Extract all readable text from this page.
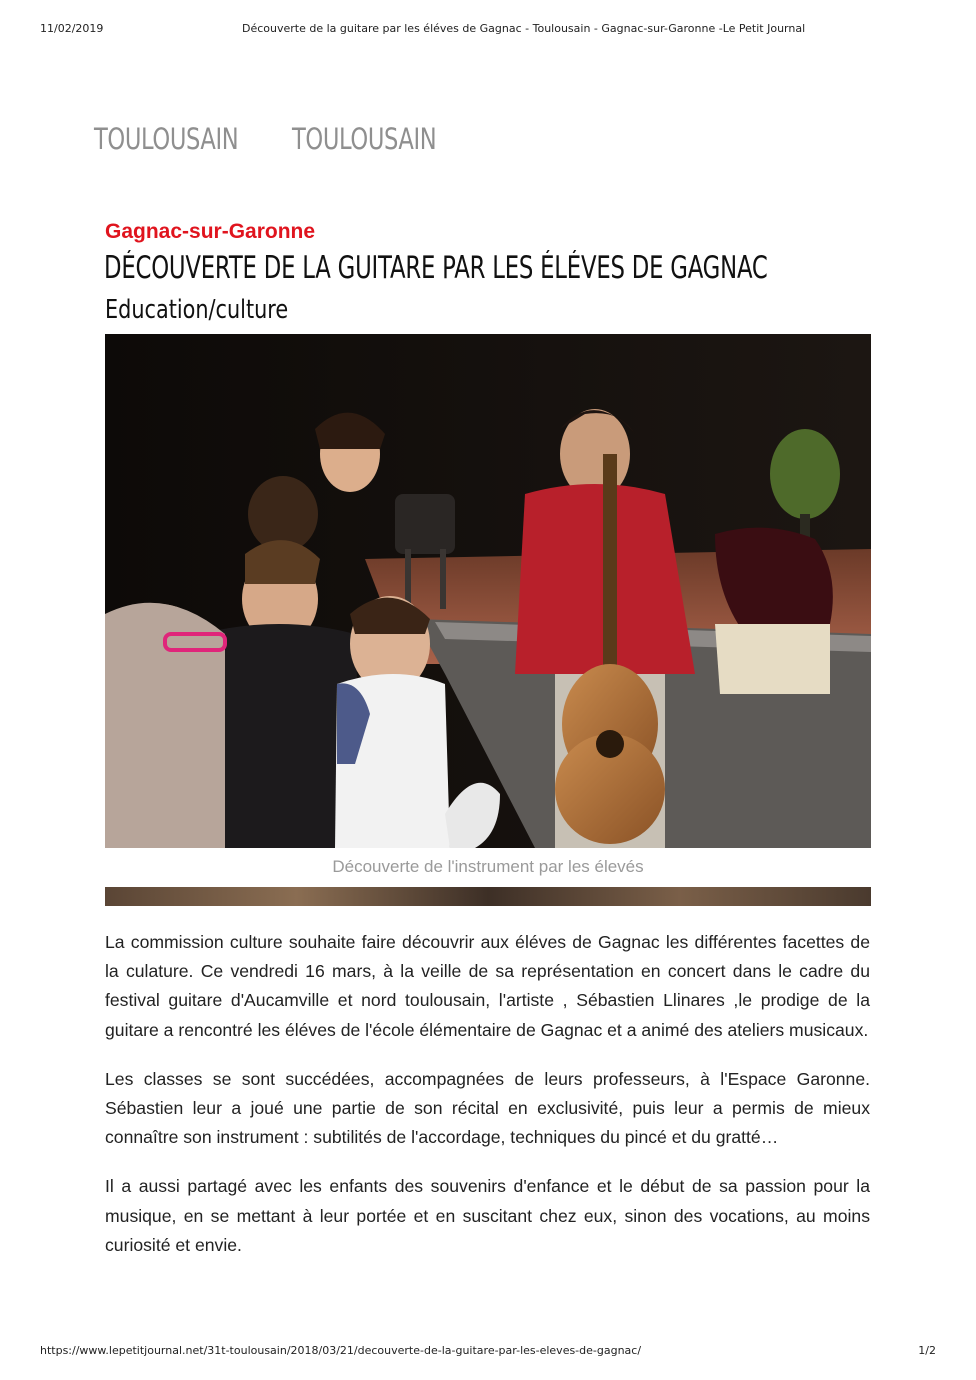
11/02/2019	Découverte de la guitare par les éléves de Gagnac - Toulousain - Gagnac-sur-Garonne -Le Petit Journal
TOULOUSAIN TOULOUSAIN
Gagnac-sur-Garonne
DÉCOUVERTE DE LA GUITARE PAR LES ÉLÉVES DE GAGNAC
Education/culture
Découverte de l'instrument par les élevés

La commission culture souhaite faire découvrir aux éléves de Gagnac les différentes facettes de la culature. Ce vendredi 16 mars, à la veille de sa représentation en concert dans le cadre du festival guitare d'Aucamville et nord toulousain, l'artiste , Sébastien Llinares ,le prodige de la guitare a rencontré les éléves de l'école élémentaire de Gagnac et a animé des ateliers musicaux.

Les classes se sont succédées, accompagnées de leurs professeurs, à l'Espace Garonne. Sébastien leur a joué une partie de son récital en exclusivité, puis leur a permis de mieux connaître son instrument : subtilités de l'accordage, techniques du pincé et du gratté…

Il a aussi partagé avec les enfants des souvenirs d'enfance et le début de sa passion pour la musique, en se mettant à leur portée et en suscitant chez eux, sinon des vocations, au moins curiosité et envie.

https://www.lepetitjournal.net/31t-toulousain/2018/03/21/decouverte-de-la-guitare-par-les-eleves-de-gagnac/	1/2
